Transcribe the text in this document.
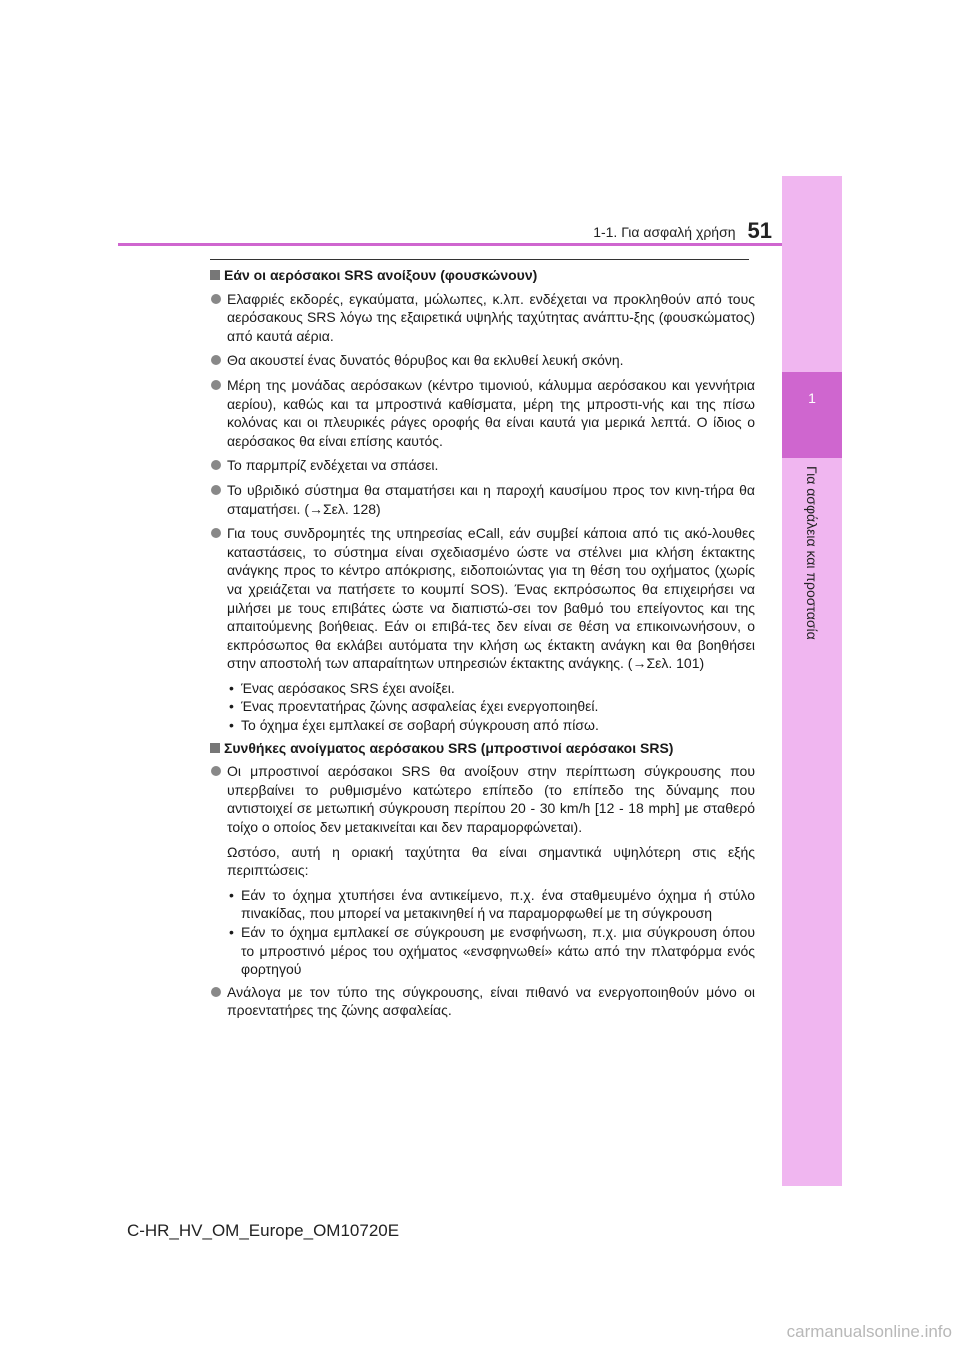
1
Για ασφάλεια και προστασία
1-1. Για ασφαλή χρήση 51
Εάν οι αερόσακοι SRS ανοίξουν (φουσκώνουν)
Ελαφριές εκδορές, εγκαύματα, μώλωπες, κ.λπ. ενδέχεται να προκληθούν από τους αερόσακους SRS λόγω της εξαιρετικά υψηλής ταχύτητας ανάπτυ-ξης (φουσκώματος) από καυτά αέρια.
Θα ακουστεί ένας δυνατός θόρυβος και θα εκλυθεί λευκή σκόνη.
Μέρη της μονάδας αερόσακων (κέντρο τιμονιού, κάλυμμα αερόσακου και γεννήτρια αερίου), καθώς και τα μπροστινά καθίσματα, μέρη της μπροστι-νής και της πίσω κολόνας και οι πλευρικές ράγες οροφής θα είναι καυτά για μερικά λεπτά. Ο ίδιος ο αερόσακος θα είναι επίσης καυτός.
Το παρμπρίζ ενδέχεται να σπάσει.
Το υβριδικό σύστημα θα σταματήσει και η παροχή καυσίμου προς τον κινη-τήρα θα σταματήσει. (→Σελ. 128)
Για τους συνδρομητές της υπηρεσίας eCall, εάν συμβεί κάποια από τις ακό-λουθες καταστάσεις, το σύστημα είναι σχεδιασμένο ώστε να στέλνει μια κλήση έκτακτης ανάγκης προς το κέντρο απόκρισης, ειδοποιώντας για τη θέση του οχήματος (χωρίς να χρειάζεται να πατήσετε το κουμπί SOS). Ένας εκπρόσωπος θα επιχειρήσει να μιλήσει με τους επιβάτες ώστε να διαπιστώ-σει τον βαθμό του επείγοντος και της απαιτούμενης βοήθειας. Εάν οι επιβά-τες δεν είναι σε θέση να επικοινωνήσουν, ο εκπρόσωπος θα εκλάβει αυτόματα την κλήση ως έκτακτη ανάγκη και θα βοηθήσει στην αποστολή των απαραίτητων υπηρεσιών έκτακτης ανάγκης. (→Σελ. 101)
• Ένας αερόσακος SRS έχει ανοίξει.
• Ένας προεντατήρας ζώνης ασφαλείας έχει ενεργοποιηθεί.
• Το όχημα έχει εμπλακεί σε σοβαρή σύγκρουση από πίσω.
Συνθήκες ανοίγματος αερόσακου SRS (μπροστινοί αερόσακοι SRS)
Οι μπροστινοί αερόσακοι SRS θα ανοίξουν στην περίπτωση σύγκρουσης που υπερβαίνει το ρυθμισμένο κατώτερο επίπεδο (το επίπεδο της δύναμης που αντιστοιχεί σε μετωπική σύγκρουση περίπου 20 - 30 km/h [12 - 18 mph] με σταθερό τοίχο ο οποίος δεν μετακινείται και δεν παραμορφώνεται).
Ωστόσο, αυτή η οριακή ταχύτητα θα είναι σημαντικά υψηλότερη στις εξής περιπτώσεις:
• Εάν το όχημα χτυπήσει ένα αντικείμενο, π.χ. ένα σταθμευμένο όχημα ή στύλο πινακίδας, που μπορεί να μετακινηθεί ή να παραμορφωθεί με τη σύγκρουση
• Εάν το όχημα εμπλακεί σε σύγκρουση με ενσφήνωση, π.χ. μια σύγκρουση όπου το μπροστινό μέρος του οχήματος «ενσφηνωθεί» κάτω από την πλατφόρμα ενός φορτηγού
Ανάλογα με τον τύπο της σύγκρουσης, είναι πιθανό να ενεργοποιηθούν μόνο οι προεντατήρες της ζώνης ασφαλείας.
C-HR_HV_OM_Europe_OM10720E
carmanualsonline.info
